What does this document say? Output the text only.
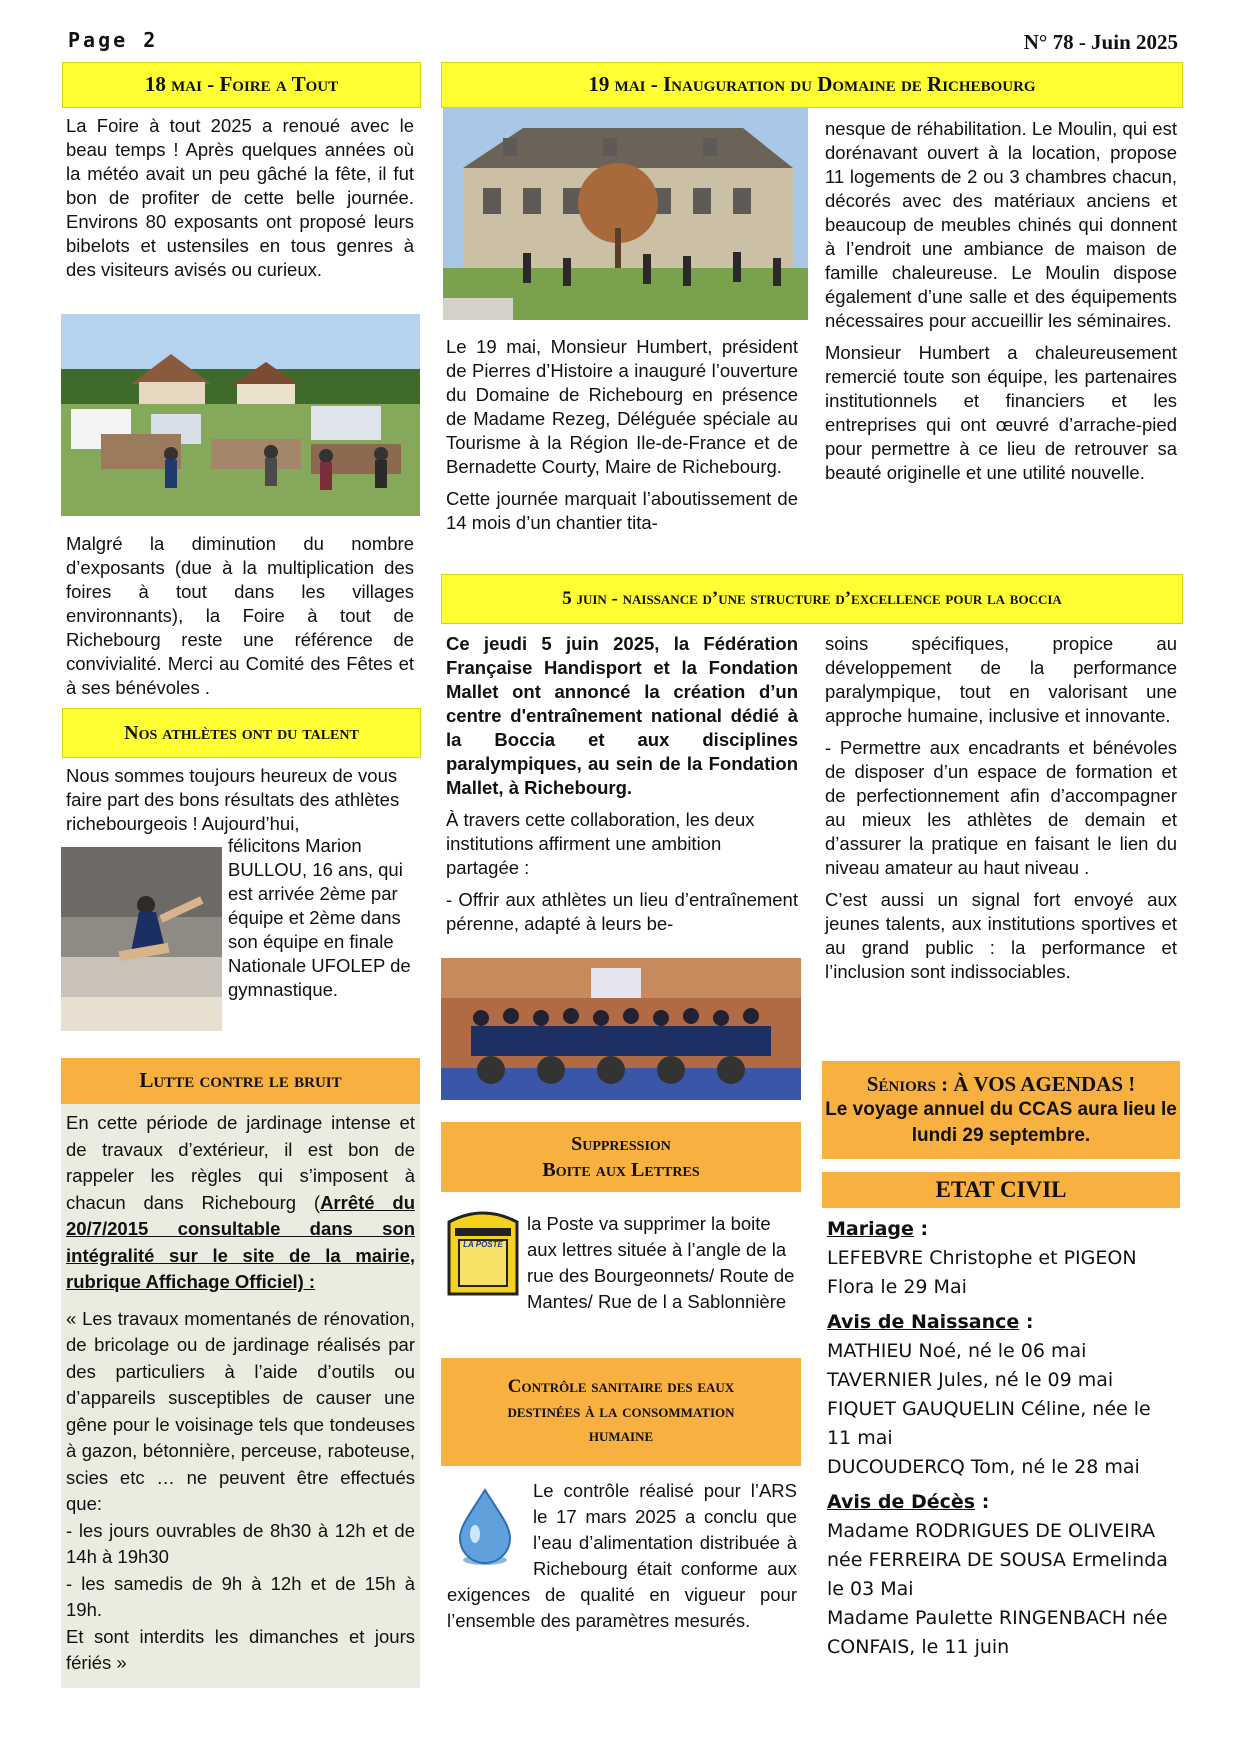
Page 2	N° 78 - Juin 2025
18 mai - Foire a Tout

La Foire à tout 2025 a renoué avec le beau temps ! Après quelques années où la météo avait un peu gâché la fête, il fut bon de profiter de cette belle journée. Environs 80 exposants ont proposé leurs bibelots et ustensiles en tous genres à des visiteurs avisés ou curieux.

Malgré la diminution du nombre d’exposants (due à la multiplication des foires à tout dans les villages environnants), la Foire à tout de Richebourg reste une référence de convivialité. Merci au Comité des Fêtes et à ses bénévoles .

Nos athlètes ont du talent
Nous sommes toujours heureux de vous faire part des bons résultats des athlètes richebourgeois ! Aujourd’hui,
félicitons Marion BULLOU, 16 ans, qui est arrivée 2ème par équipe et 2ème dans son équipe en finale Nationale UFOLEP de gymnastique.
Lutte contre le bruit

En cette période de jardinage intense et de travaux d’extérieur, il est bon de rappeler les règles qui s’imposent à chacun dans Richebourg (Arrêté du 20/7/2015 consultable dans son intégralité sur le site de la mairie, rubrique Affichage Officiel) :

« Les travaux momentanés de rénovation, de bricolage ou de jardinage réalisés par des particuliers à l’aide d’outils ou d’appareils susceptibles de causer une gêne pour le voisinage tels que tondeuses à gazon, bétonnière, perceuse, raboteuse, scies etc … ne peuvent être effectués que:

- les jours ouvrables de 8h30 à 12h et de 14h à 19h30

- les samedis de 9h à 12h et de 15h à 19h.

Et sont interdits les dimanches et jours fériés »

19 mai - Inauguration du Domaine de Richebourg

Le 19 mai, Monsieur Humbert, président de Pierres d’Histoire a inauguré l’ouverture du Domaine de Richebourg en présence de Madame Rezeg, Déléguée spéciale au Tourisme à la Région Ile-de-France et de Bernadette Courty, Maire de Richebourg.

Cette journée marquait l’aboutissement de 14 mois d’un chantier tita-

nesque de réhabilitation. Le Moulin, qui est dorénavant ouvert à la location, propose 11 logements de 2 ou 3 chambres chacun, décorés avec des matériaux anciens et beaucoup de meubles chinés qui donnent à l’endroit une ambiance de maison de famille chaleureuse. Le Moulin dispose également d’une salle et des équipements nécessaires pour accueillir les séminaires.

Monsieur Humbert a chaleureusement remercié toute son équipe, les partenaires institutionnels et financiers et les entreprises qui ont œuvré d’arrache-pied pour permettre à ce lieu de retrouver sa beauté originelle et une utilité nouvelle.

5 juin - naissance d’une structure d’excellence pour la boccia

Ce jeudi 5 juin 2025, la Fédération Française Handisport et la Fondation Mallet ont annoncé la création d’un centre d'entraînement national dédié à la Boccia et aux disciplines paralympiques, au sein de la Fondation Mallet, à Richebourg.

À travers cette collaboration, les deux institutions affirment une ambition partagée :

- Offrir aux athlètes un lieu d’entraînement pérenne, adapté à leurs be-

soins spécifiques, propice au développement de la performance paralympique, tout en valorisant une approche humaine, inclusive et innovante.

- Permettre aux encadrants et bénévoles de disposer d’un espace de formation et de perfectionnement afin d’accompagner au mieux les athlètes de demain et d’assurer la pratique en faisant le lien du niveau amateur au haut niveau .

C’est aussi un signal fort envoyé aux jeunes talents, aux institutions sportives et au grand public : la performance et l’inclusion sont indissociables.

Suppression
Boite aux Lettres
LA POSTE
la Poste va supprimer la boite aux lettres située à l’angle de la rue des Bourgeonnets/ Route de Mantes/ Rue de l a Sablonnière
Contrôle sanitaire des eaux
destinées à la consommation
humaine
Le contrôle réalisé pour l’ARS le 17 mars 2025 a conclu que l’eau d’alimentation distribuée à Richebourg était conforme aux exigences de qualité en vigueur pour l’ensemble des paramètres mesurés.
Séniors : À VOS AGENDAS !
Le voyage annuel du CCAS aura lieu le lundi 29 septembre.
ETAT CIVIL
Mariage :
LEFEBVRE Christophe et PIGEON Flora le 29 Mai
Avis de Naissance :
MATHIEU Noé, né le 06 mai
TAVERNIER Jules, né le 09 mai
FIQUET GAUQUELIN Céline, née le 11 mai
DUCOUDERCQ Tom, né le 28 mai
Avis de Décès :
Madame RODRIGUES DE OLIVEIRA née FERREIRA DE SOUSA Ermelinda le 03 Mai
Madame Paulette RINGENBACH née CONFAIS, le 11 juin
